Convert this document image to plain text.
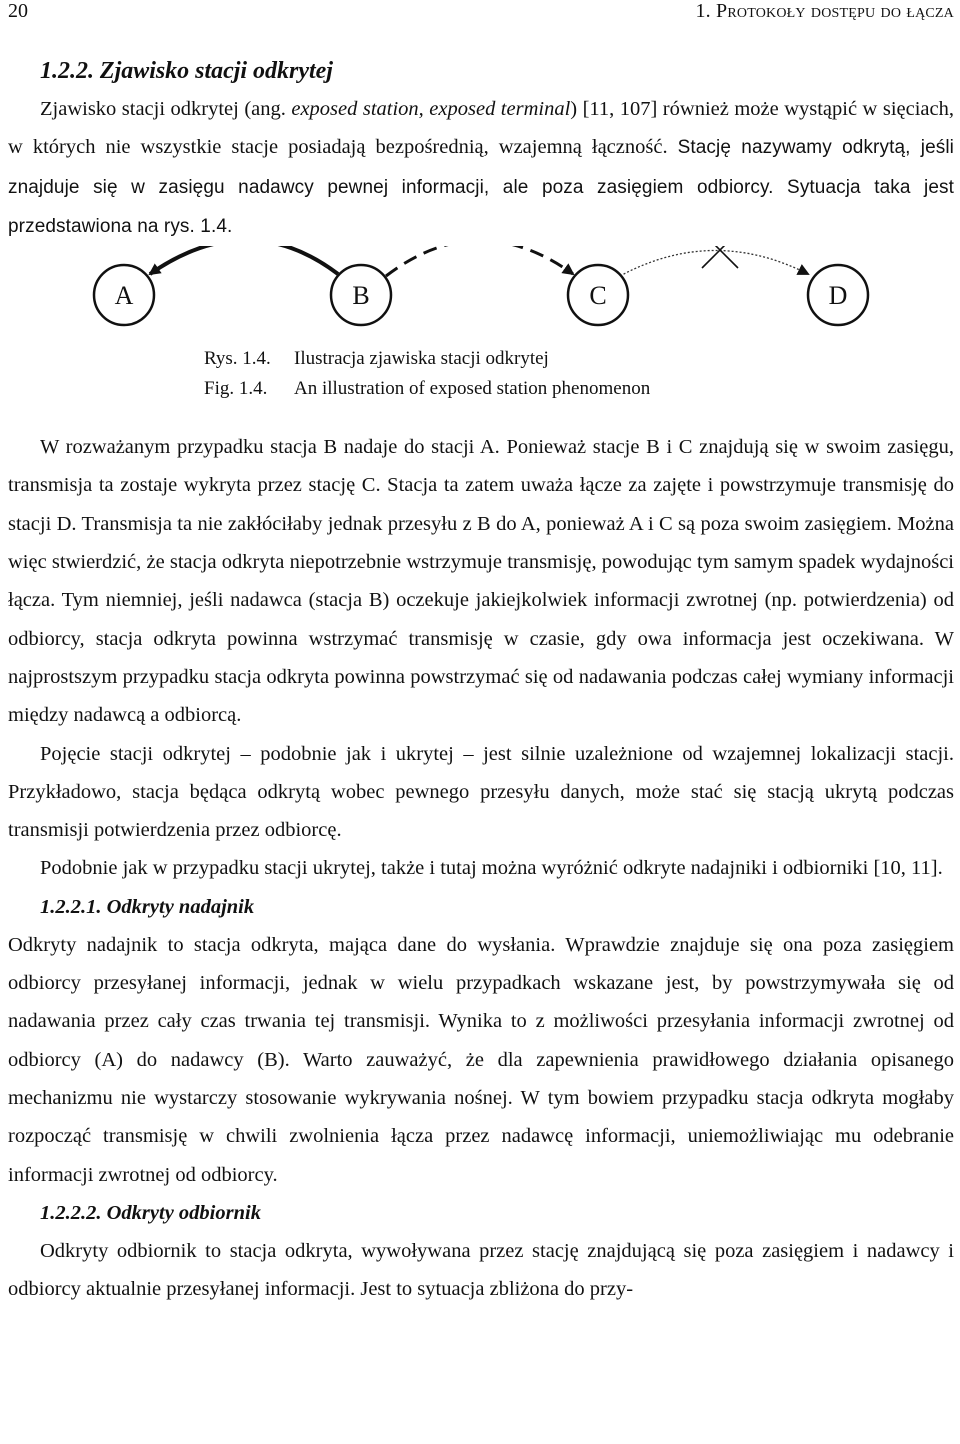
20	1. Protokoły dostępu do łącza
1.2.2. Zjawisko stacji odkrytej

Zjawisko stacji odkrytej (ang. exposed station, exposed terminal) [11, 107] również może wystąpić w sięciach, w których nie wszystkie stacje posiadają bezpośrednią, wzajemną łączność. Stację nazywamy odkrytą, jeśli znajduje się w zasięgu nadawcy pewnej informacji, ale poza zasięgiem odbiorcy. Sytuacja taka jest przedstawiona na rys. 1.4.

A	B	C	D
Rys. 1.4. Ilustracja zjawiska stacji odkrytej
Fig. 1.4. An illustration of exposed station phenomenon

W rozważanym przypadku stacja B nadaje do stacji A. Ponieważ stacje B i C znajdują się w swoim zasięgu, transmisja ta zostaje wykryta przez stację C. Stacja ta zatem uważa łącze za zajęte i powstrzymuje transmisję do stacji D. Transmisja ta nie zakłóciłaby jednak przesyłu z B do A, ponieważ A i C są poza swoim zasięgiem. Można więc stwierdzić, że stacja odkryta niepotrzebnie wstrzymuje transmisję, powodując tym samym spadek wydajności łącza. Tym niemniej, jeśli nadawca (stacja B) oczekuje jakiejkolwiek informacji zwrotnej (np. potwierdzenia) od odbiorcy, stacja odkryta powinna wstrzymać transmisję w czasie, gdy owa informacja jest oczekiwana. W najprostszym przypadku stacja odkryta powinna powstrzymać się od nadawania podczas całej wymiany informacji między nadawcą a odbiorcą.

Pojęcie stacji odkrytej – podobnie jak i ukrytej – jest silnie uzależnione od wzajemnej lokalizacji stacji. Przykładowo, stacja będąca odkrytą wobec pewnego przesyłu danych, może stać się stacją ukrytą podczas transmisji potwierdzenia przez odbiorcę.

Podobnie jak w przypadku stacji ukrytej, także i tutaj można wyróżnić odkryte nadajniki i odbiorniki [10, 11].

1.2.2.1. Odkryty nadajnik

Odkryty nadajnik to stacja odkryta, mająca dane do wysłania. Wprawdzie znajduje się ona poza zasięgiem odbiorcy przesyłanej informacji, jednak w wielu przypadkach wskazane jest, by powstrzymywała się od nadawania przez cały czas trwania tej transmisji. Wynika to z możliwości przesyłania informacji zwrotnej od odbiorcy (A) do nadawcy (B). Warto zauważyć, że dla zapewnienia prawidłowego działania opisanego mechanizmu nie wystarczy stosowanie wykrywania nośnej. W tym bowiem przypadku stacja odkryta mogłaby rozpocząć transmisję w chwili zwolnienia łącza przez nadawcę informacji, uniemożliwiając mu odebranie informacji zwrotnej od odbiorcy.

1.2.2.2. Odkryty odbiornik

Odkryty odbiornik to stacja odkryta, wywoływana przez stację znajdującą się poza zasięgiem i nadawcy i odbiorcy aktualnie przesyłanej informacji. Jest to sytuacja zbliżona do przy-
